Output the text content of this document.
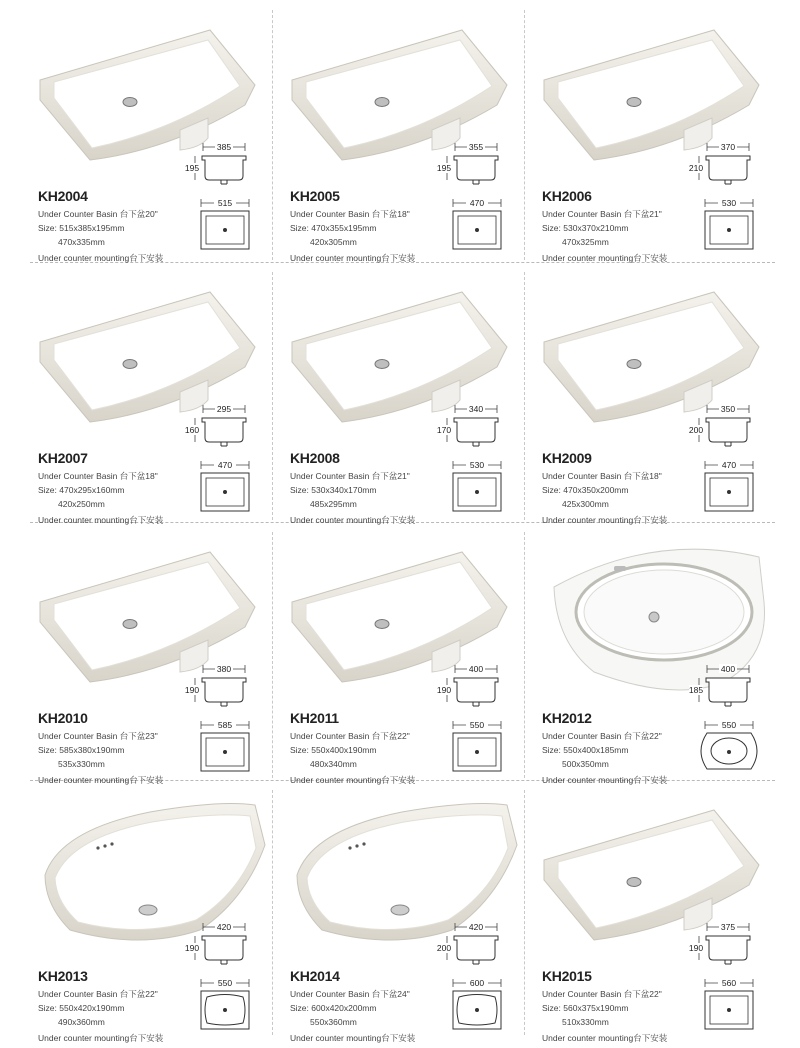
385
195
515
KH2004
Under Counter Basin 台下盆20"
Size: 515x385x195mm
470x335mm
Under counter mounting台下安装
355
195
470
KH2005
Under Counter Basin 台下盆18"
Size: 470x355x195mm
420x305mm
Under counter mounting台下安装
370
210
530
KH2006
Under Counter Basin 台下盆21"
Size: 530x370x210mm
470x325mm
Under counter mounting台下安装
295
160
470
KH2007
Under Counter Basin 台下盆18"
Size: 470x295x160mm
420x250mm
Under counter mounting台下安装
340
170
530
KH2008
Under Counter Basin 台下盆21"
Size: 530x340x170mm
485x295mm
Under counter mounting台下安装
350
200
470
KH2009
Under Counter Basin 台下盆18"
Size: 470x350x200mm
425x300mm
Under counter mounting台下安装
380
190
585
KH2010
Under Counter Basin 台下盆23"
Size: 585x380x190mm
535x330mm
Under counter mounting台下安装
400
190
550
KH2011
Under Counter Basin 台下盆22"
Size: 550x400x190mm
480x340mm
Under counter mounting台下安装
400
185
550
KH2012
Under Counter Basin 台下盆22"
Size: 550x400x185mm
500x350mm
Under counter mounting台下安装
420
190
550
KH2013
Under Counter Basin 台下盆22"
Size: 550x420x190mm
490x360mm
Under counter mounting台下安装
420
200
600
KH2014
Under Counter Basin 台下盆24"
Size: 600x420x200mm
550x360mm
Under counter mounting台下安装
375
190
560
KH2015
Under Counter Basin 台下盆22"
Size: 560x375x190mm
510x330mm
Under counter mounting台下安装
